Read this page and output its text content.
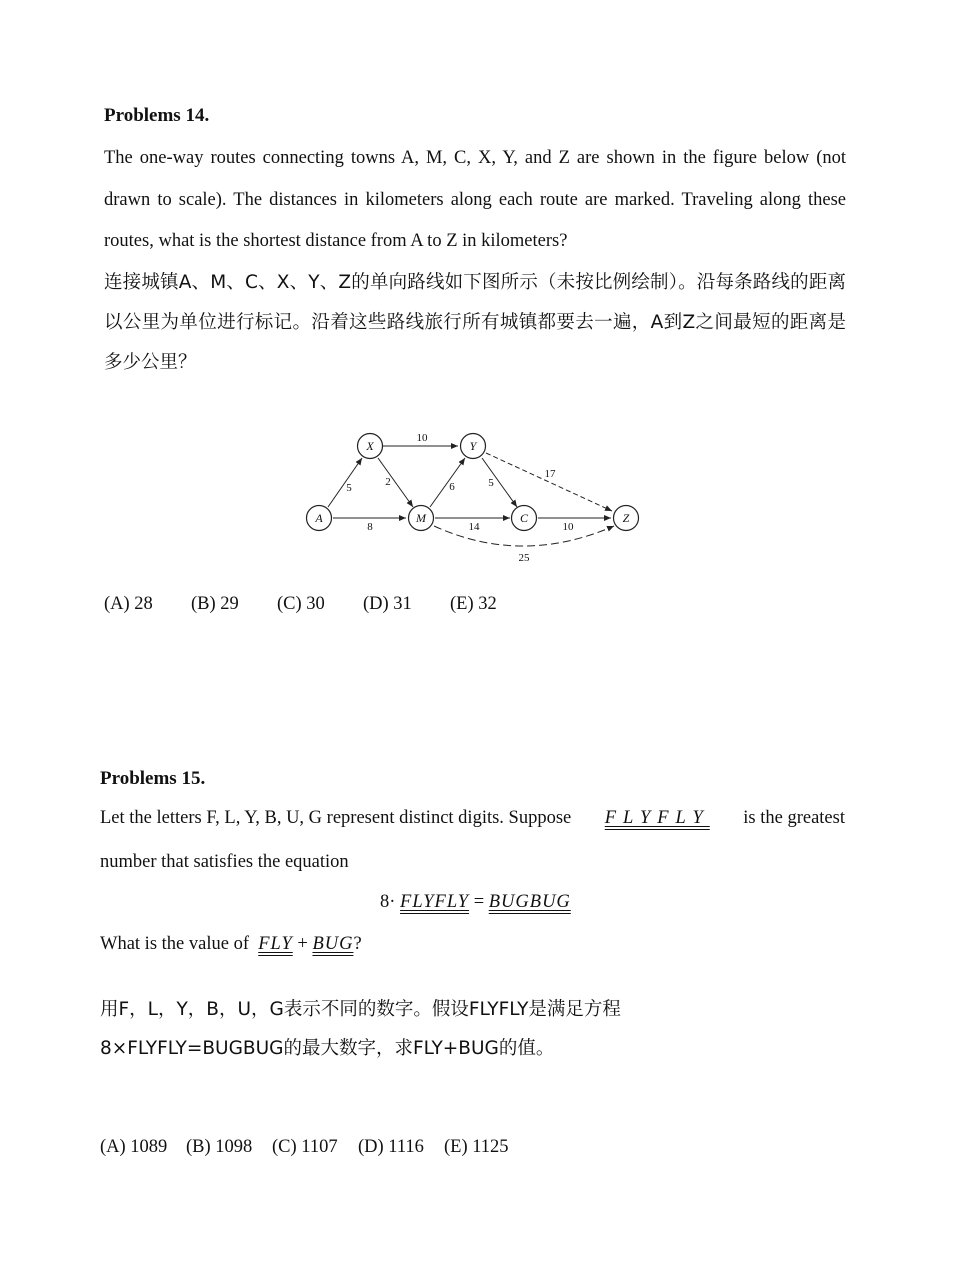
Problems 14.
The one-way routes connecting towns A, M, C, X, Y, and Z are shown in the figure below (not drawn to scale). The distances in kilometers along each route are marked. Traveling along these routes, what is the shortest distance from A to Z in kilometers?
连接城镇A、M、C、X、Y、Z的单向路线如下图所示（未按比例绘制）。沿每条路线的距离以公里为单位进行标记。沿着这些路线旅行所有城镇都要去一遍，A到Z之间最短的距离是多少公里？
X	Y
A	M	C	Z
10
5	2	6	5
17
8	14	10
25
(A) 28 (B) 29 (C) 30 (D) 31 (E) 32
Problems 15.
Let the letters F, L, Y, B, U, G represent distinct digits. Suppose FLYFLY is the greatest
number that satisfies the equation
8· FLYFLY = BUGBUG
What is the value of FLY + BUG?
用F，L，Y，B，U，G表示不同的数字。假设FLYFLY是满足方程
8×FLYFLY=BUGBUG的最大数字，求FLY+BUG的值。
(A) 1089 (B) 1098 (C) 1107 (D) 1116 (E) 1125
